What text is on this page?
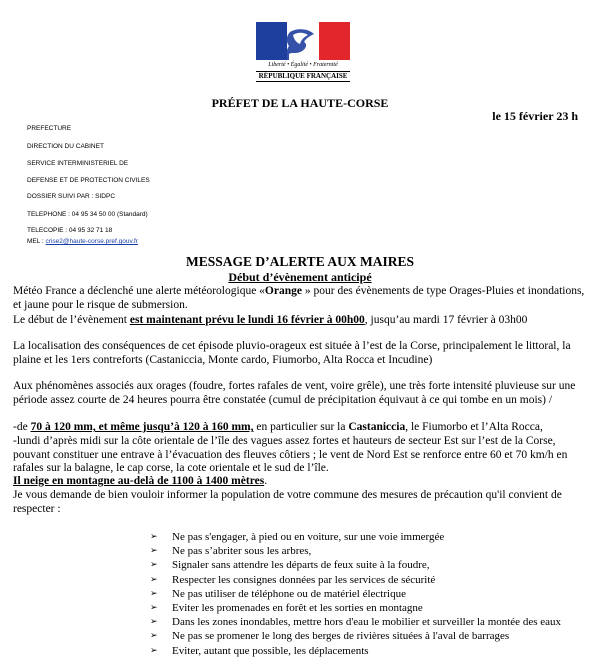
Liberté • Égalité • Fraternité
RÉPUBLIQUE FRANÇAISE
PRÉFET DE LA HAUTE-CORSE
le 15 février 23 h
PREFECTURE
DIRECTION DU CABINET
SERVICE INTERMINISTERIEL DE
DEFENSE ET DE PROTECTION CIVILES
DOSSIER SUIVI PAR : SIDPC
TELEPHONE : 04 95 34 50 00 (Standard)
TELECOPIE : 04 95 32 71 18
MEL : crise2@haute-corse.pref.gouv.fr
MESSAGE D’ALERTE AUX MAIRES
Début d’évènement anticipé
Météo France a déclenché une alerte météorologique «Orange » pour des évènements de type Orages-Pluies et inondations, et jaune pour le risque de submersion.
Le début de l’évènement est maintenant prévu le lundi 16 février à 00h00, jusqu’au mardi 17 février à 03h00
La localisation des conséquences de cet épisode pluvio-orageux est située à l’est de la Corse, principalement le littoral, la plaine et les 1ers contreforts (Castaniccia, Monte cardo, Fiumorbo, Alta Rocca et Incudine)
Aux phénomènes associés aux orages (foudre, fortes rafales de vent, voire grêle), une très forte intensité pluvieuse sur une période assez courte de 24 heures pourra être constatée (cumul de précipitation équivaut à ce qui tombe en un mois) /
-de 70 à 120 mm, et même jusqu’à 120 à 160 mm, en particulier sur la Castaniccia, le Fiumorbo et l’Alta Rocca,
-lundi d’après midi sur la côte orientale de l’île des vagues assez fortes et hauteurs de secteur Est sur l’est de la Corse, pouvant constituer une entrave à l’évacuation des fleuves côtiers ; le vent de Nord Est se renforce entre 60 et 70 km/h en rafales sur la balagne, le cap corse, la cote orientale et le sud de l’île.
Il neige en montagne au-delà de 1100 à 1400 mètres.
Je vous demande de bien vouloir informer la population de votre commune des mesures de précaution qu'il convient de respecter :
➢ Ne pas s'engager, à pied ou en voiture, sur une voie immergée
➢ Ne pas s’abriter sous les arbres,
➢ Signaler sans attendre les départs de feux suite à la foudre,
➢ Respecter les consignes données par les services de sécurité
➢ Ne pas utiliser de téléphone ou de matériel électrique
➢ Eviter les promenades en forêt et les sorties en montagne
➢ Dans les zones inondables, mettre hors d'eau le mobilier et surveiller la montée des eaux
➢ Ne pas se promener le long des berges de rivières situées à l'aval de barrages
➢ Eviter, autant que possible, les déplacements
